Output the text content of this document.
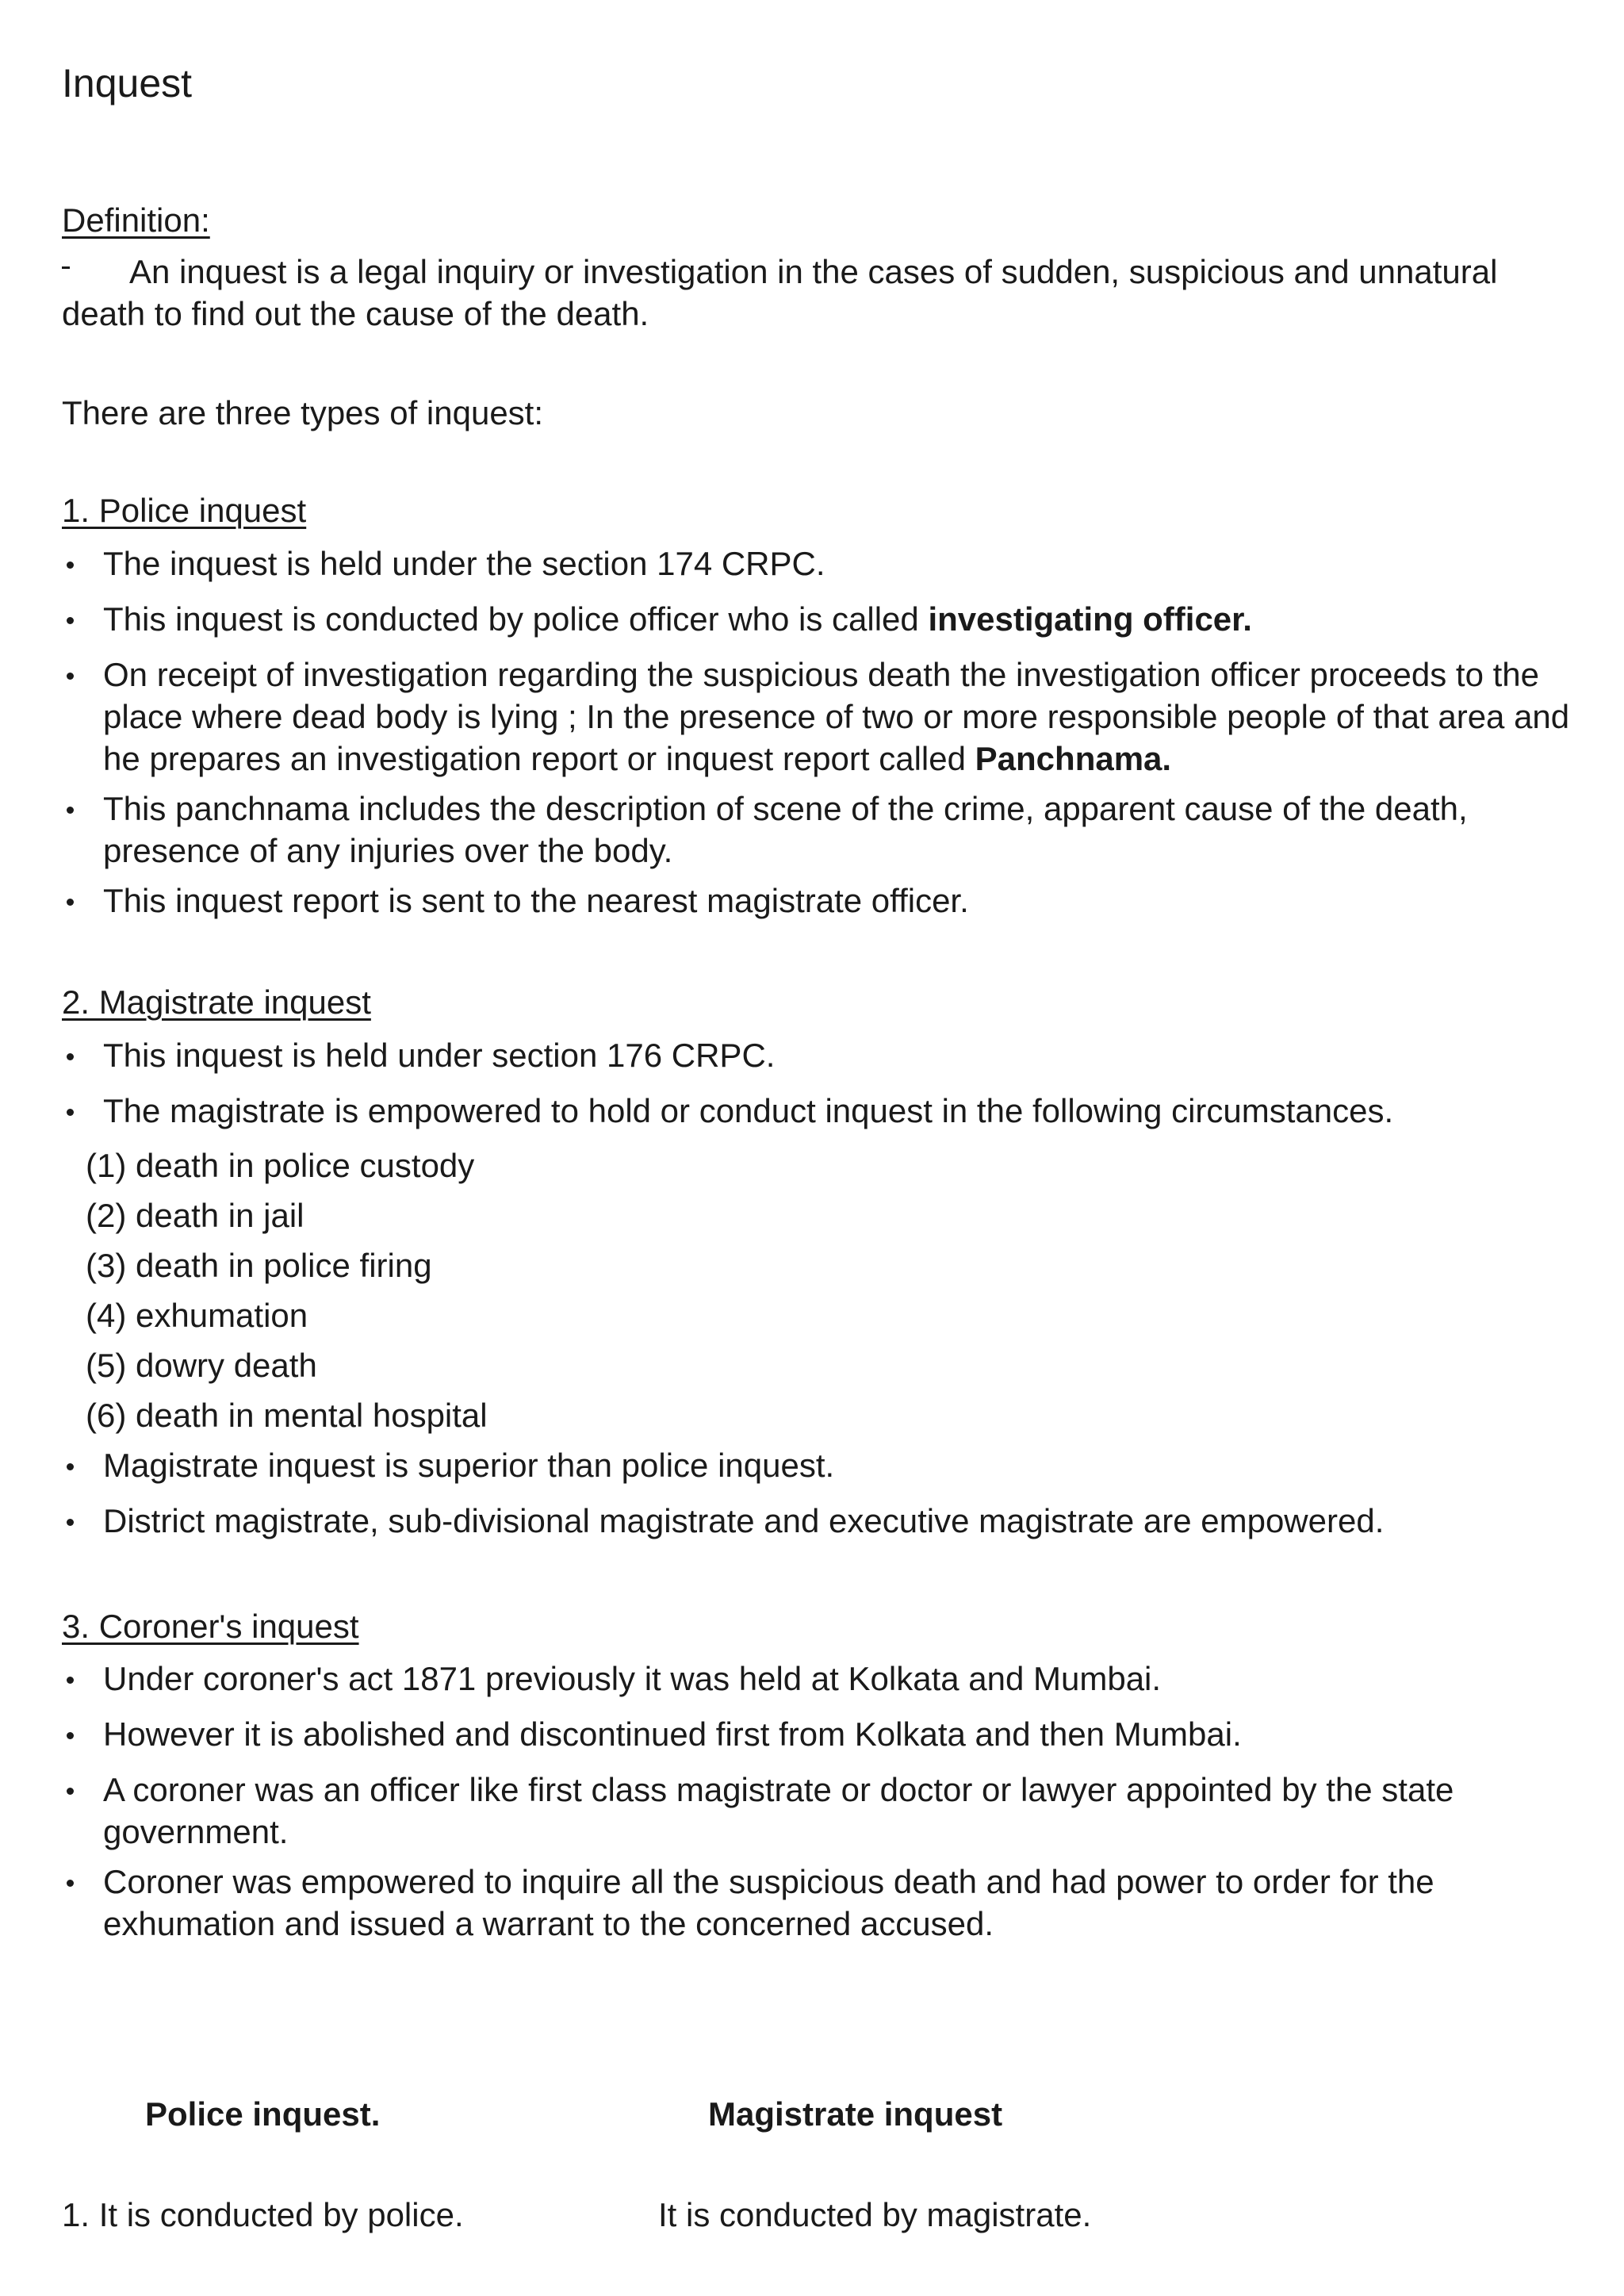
Inquest
Definition:
An inquest is a legal inquiry or investigation in the cases of sudden, suspicious and unnatural
death to find out the cause of the death.
There are three types of inquest:
1. Police inquest
The inquest is held under the section 174 CRPC.
This inquest is conducted by police officer who is called investigating officer.
On receipt of investigation regarding the suspicious death the investigation officer proceeds to the place where dead body is lying ; In the presence of two or more responsible people of that area and he prepares an investigation report or inquest report called Panchnama.
This panchnama includes the description of scene of the crime, apparent cause of the death, presence of any injuries over the body.
This inquest report is sent to the nearest magistrate officer.
2. Magistrate inquest
This inquest is held under section 176 CRPC.
The magistrate is empowered to hold or conduct inquest in the following circumstances.
(1) death in police custody
(2) death in jail
(3) death in police firing
(4) exhumation
(5) dowry death
(6) death in mental hospital
Magistrate inquest is superior than police inquest.
District magistrate, sub-divisional magistrate and executive magistrate are empowered.
3. Coroner's inquest
Under coroner's act 1871 previously it was held at Kolkata and Mumbai.
However it is abolished and discontinued first from Kolkata and then Mumbai.
A coroner was an officer like first class magistrate or doctor or lawyer appointed by the state government.
Coroner was empowered to inquire all the suspicious death and had power to order for the exhumation and issued a warrant to the concerned accused.
Police inquest.	Magistrate inquest
1. It is conducted by police.	It is conducted by magistrate.
